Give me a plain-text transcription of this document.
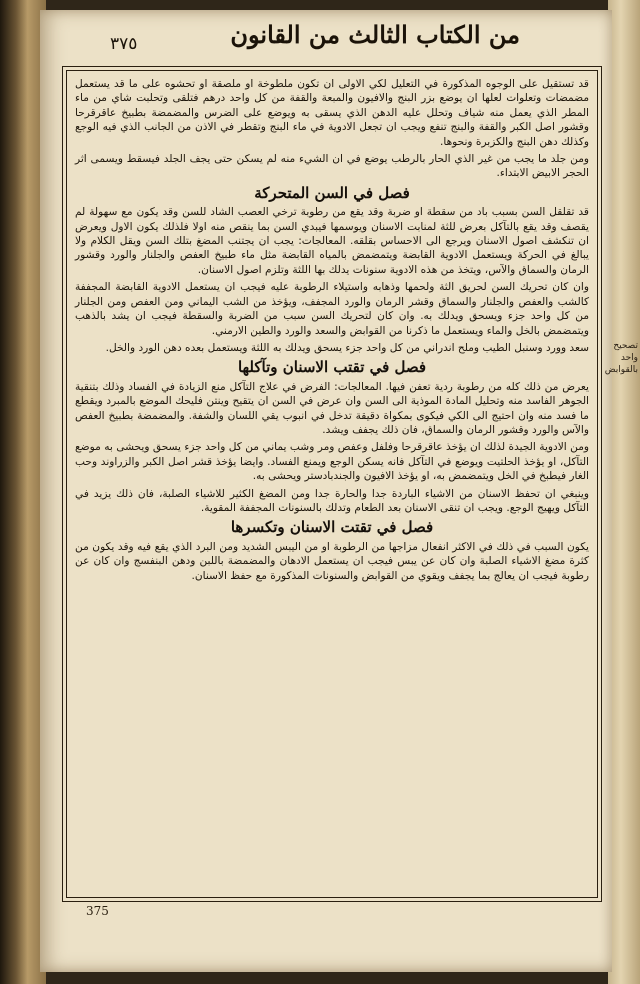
٣٧٥	من الكتاب الثالث من القانون

قد تستقيل على الوجوه المذكورة في التعليل لكي الاولى ان تكون ملطوخة او ملصقة او تحشوه على ما قد يستعمل مضمضات وتعلوات لعلها ان يوضع بزر البنج والافيون والمبعة والقفة من كل واحد درهم فتلقى وتحلبت شاي من ماء المطر الذي يعمل منه شياف وتحلل عليه الدهن الذي يسقى به ويوضع على الضرس والمضمضة بطبيخ عاقرقرحا وقشور اصل الكبر والقفة والبنج تنفع ويجب ان تجعل الادوية في ماء البنج وتقطر في الاذن من الجانب الذي فيه الوجع وكذلك دهن البنج والكزبرة ونحوها.

ومن جلد ما يجب من غير الذي الحار بالرطب يوضع في ان الشيء منه لم يسكن حتى يجف الجلد فيسقط ويسمى اثر الحجر الابيض الابتداء.

فصل في السن المتحركة

قد تقلقل السن بسبب باد من سقطة او ضربة وقد يقع من رطوبة ترخي العصب الشاد للسن وقد يكون مع سهولة لم يقصف وقد يقع بالتآكل بعرض للثة لمنابت الاسنان ويوسمها فيبدي السن بما ينقص منه اولا فلذلك يكون الاول ويعرض ان تنكشف اصول الاسنان ويرجع الى الاحساس بقلقه. المعالجات: يجب ان يجتنب المضغ بتلك السن ويقل الكلام ولا يبالغ في الحركة ويستعمل الادوية القابضة ويتمضمض بالمياه القابضة مثل ماء طبيخ العفص والجلنار والورد وقشور الرمان والسماق والآس، ويتخذ من هذه الادوية سنونات يدلك بها اللثة وتلزم اصول الاسنان.

وان كان تحريك السن لحريق الثة ولحمها وذهابه واستيلاء الرطوبة عليه فيجب ان يستعمل الادوية القابضة المجففة كالشب والعفص والجلنار والسماق وقشر الرمان والورد المجفف، ويؤخذ من الشب اليماني ومن العفص ومن الجلنار من كل واحد جزء ويسحق ويدلك به. وان كان لتحريك السن سبب من الضربة والسقطة فيجب ان يشد بالذهب ويتمضمض بالخل والماء ويستعمل ما ذكرنا من القوابض والسعد والورد والطين الارمني.

سعد وورد وسنبل الطيب وملح اندراني من كل واحد جزء يسحق ويدلك به اللثة ويستعمل بعده دهن الورد والخل.

فصل في تقتب الاسنان وتآكلها

يعرض من ذلك كله من رطوبة ردية تعفن فيها. المعالجات: الفرض في علاج التآكل منع الزيادة في الفساد وذلك بتنقية الجوهر الفاسد منه وتحليل المادة الموذية الى السن وان عرض في السن ان يتقيح وينتن فليحك الموضع بالمبرد ويقطع ما فسد منه وان احتيج الى الكي فيكوى بمكواة دقيقة تدخل في انبوب يقي اللسان والشفة. والمضمضة بطبيخ العفص والآس والورد وقشور الرمان والسماق، فان ذلك يجفف ويشد.

ومن الادوية الجيدة لذلك ان يؤخذ عاقرقرحا وفلفل وعفص ومر وشب يماني من كل واحد جزء يسحق ويحشى به موضع التآكل، او يؤخذ الحلتيت ويوضع في التآكل فانه يسكن الوجع ويمنع الفساد. وايضا يؤخذ قشر اصل الكبر والزراوند وحب الغار فيطبخ في الخل ويتمضمض به، او يؤخذ الافيون والجندبادستر ويحشى به.

وينبغي ان تحفظ الاسنان من الاشياء الباردة جدا والحارة جدا ومن المضغ الكثير للاشياء الصلبة، فان ذلك يزيد في التآكل ويهيج الوجع. ويجب ان تنقى الاسنان بعد الطعام وتدلك بالسنونات المجففة المقوية.

فصل في تقتت الاسنان وتكسرها

يكون السبب في ذلك في الاكثر انفعال مزاجها من الرطوبة او من اليبس الشديد ومن البرد الذي يقع فيه وقد يكون من كثرة مضغ الاشياء الصلبة وان كان عن يبس فيجب ان يستعمل الادهان والمضمضة باللبن ودهن البنفسج وان كان عن رطوبة فيجب ان يعالج بما يجفف ويقوي من القوابض والسنونات المذكورة مع حفظ الاسنان.

375
تصحيح واحد بالقوابض
